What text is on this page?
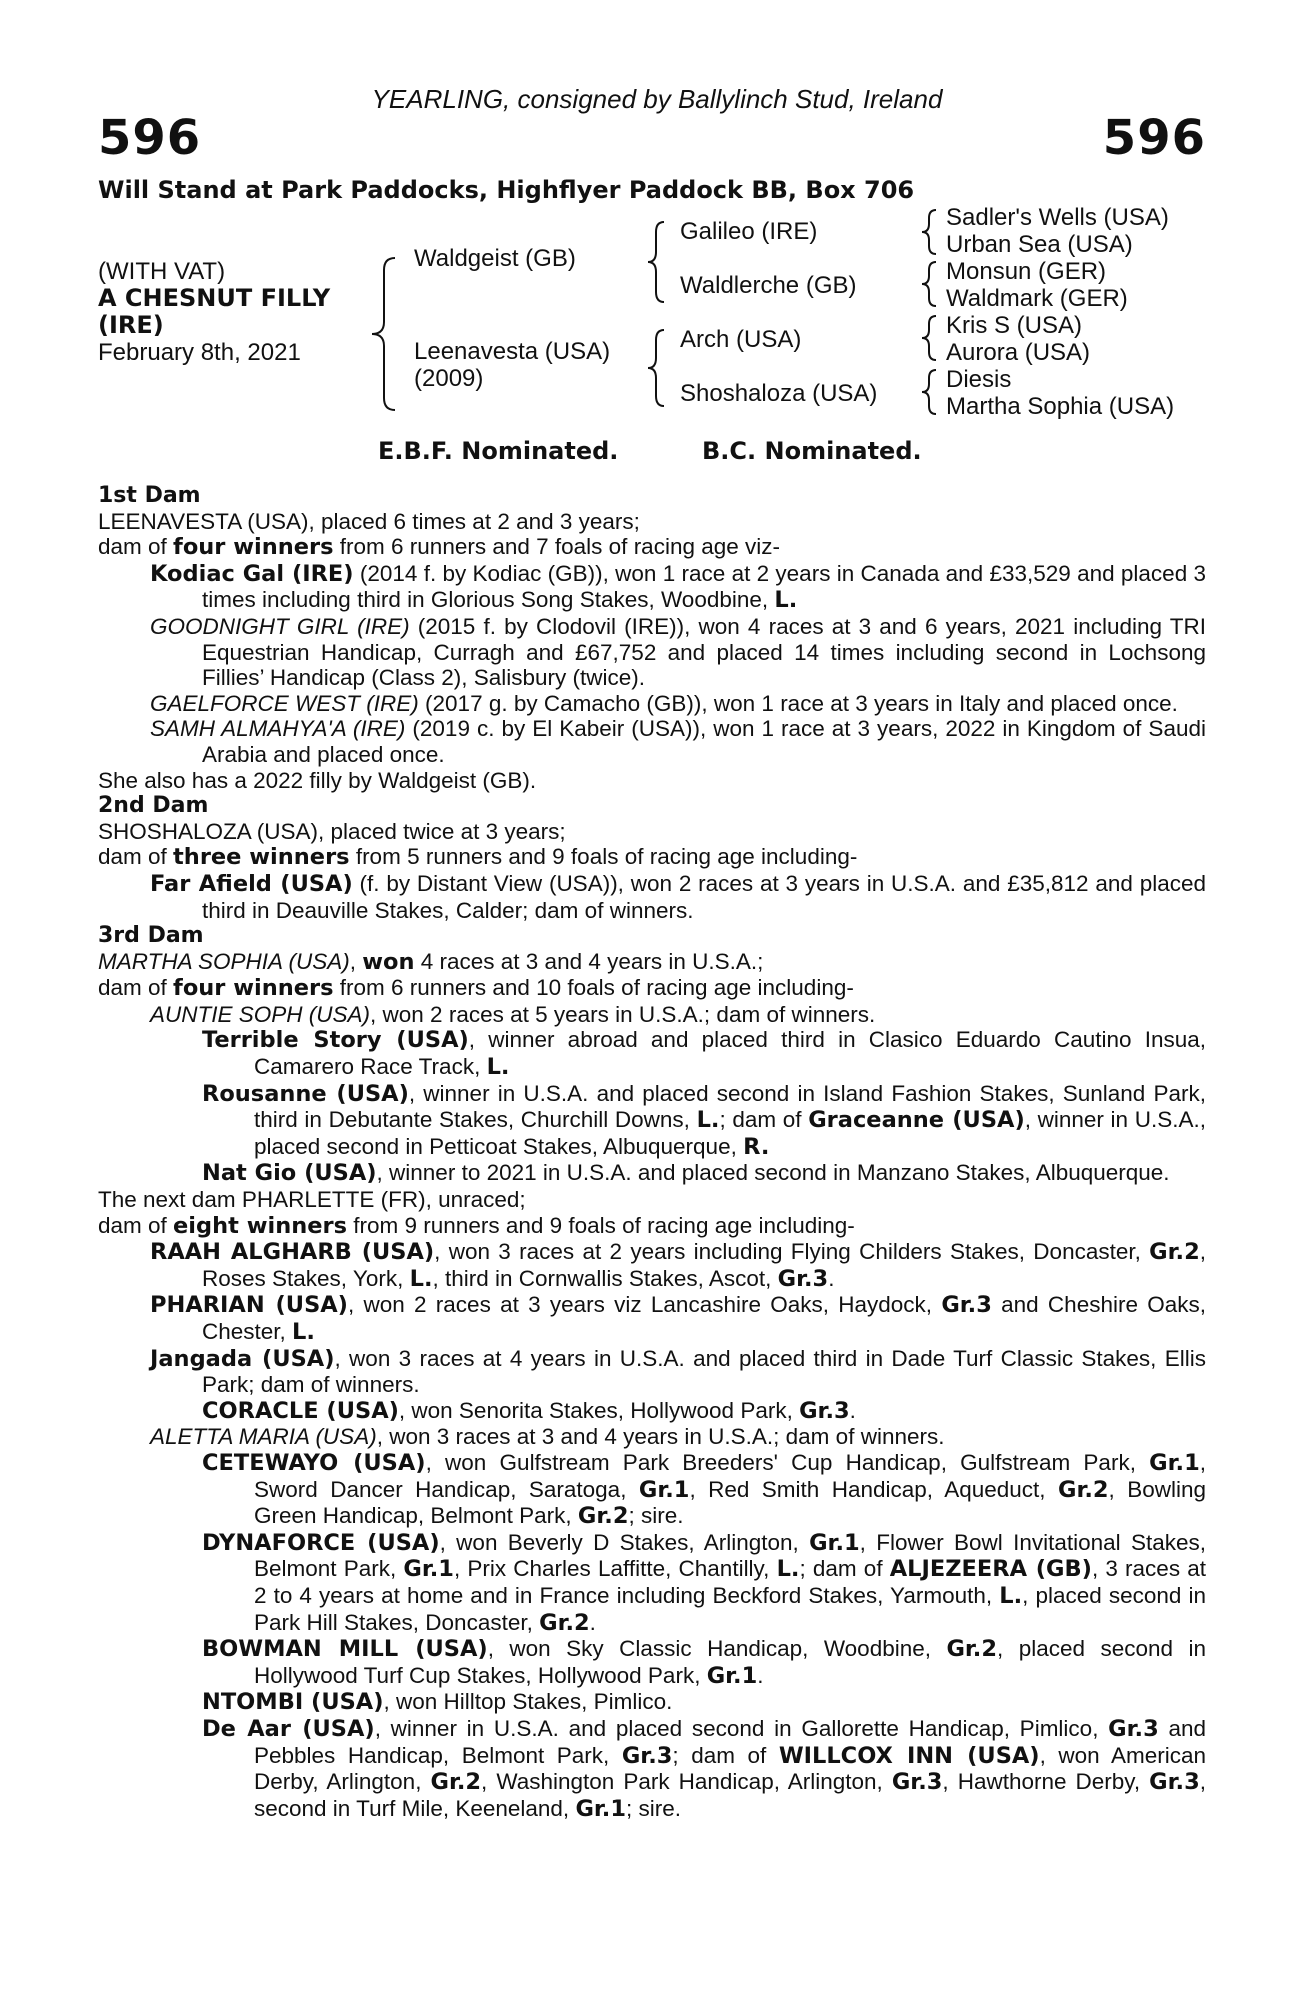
YEARLING, consigned by Ballylinch Stud, Ireland
596	596
Will Stand at Park Paddocks, Highflyer Paddock BB, Box 706
(WITH VAT)
A CHESNUT FILLY
(IRE)
February 8th, 2021
Waldgeist (GB)
Leenavesta (USA)
(2009)
Galileo (IRE)
Waldlerche (GB)
Arch (USA)
Shoshaloza (USA)
Sadler's Wells (USA)
Urban Sea (USA)
Monsun (GER)
Waldmark (GER)
Kris S (USA)
Aurora (USA)
Diesis
Martha Sophia (USA)
E.B.F. Nominated.	B.C. Nominated.

1st Dam

LEENAVESTA (USA), placed 6 times at 2 and 3 years;

dam of four winners from 6 runners and 7 foals of racing age viz-

Kodiac Gal (IRE) (2014 f. by Kodiac (GB)), won 1 race at 2 years in Canada and £33,529 and placed 3 times including third in Glorious Song Stakes, Woodbine, L.

GOODNIGHT GIRL (IRE) (2015 f. by Clodovil (IRE)), won 4 races at 3 and 6 years, 2021 including TRI Equestrian Handicap, Curragh and £67,752 and placed 14 times including second in Lochsong Fillies’ Handicap (Class 2), Salisbury (twice).

GAELFORCE WEST (IRE) (2017 g. by Camacho (GB)), won 1 race at 3 years in Italy and placed once.

SAMH ALMAHYA'A (IRE) (2019 c. by El Kabeir (USA)), won 1 race at 3 years, 2022 in Kingdom of Saudi Arabia and placed once.

She also has a 2022 filly by Waldgeist (GB).

2nd Dam

SHOSHALOZA (USA), placed twice at 3 years;

dam of three winners from 5 runners and 9 foals of racing age including-

Far Afield (USA) (f. by Distant View (USA)), won 2 races at 3 years in U.S.A. and £35,812 and placed third in Deauville Stakes, Calder; dam of winners.

3rd Dam

MARTHA SOPHIA (USA), won 4 races at 3 and 4 years in U.S.A.;

dam of four winners from 6 runners and 10 foals of racing age including-

AUNTIE SOPH (USA), won 2 races at 5 years in U.S.A.; dam of winners.

Terrible Story (USA), winner abroad and placed third in Clasico Eduardo Cautino Insua, Camarero Race Track, L.

Rousanne (USA), winner in U.S.A. and placed second in Island Fashion Stakes, Sunland Park, third in Debutante Stakes, Churchill Downs, L.; dam of Graceanne (USA), winner in U.S.A., placed second in Petticoat Stakes, Albuquerque, R.

Nat Gio (USA), winner to 2021 in U.S.A. and placed second in Manzano Stakes, Albuquerque.

The next dam PHARLETTE (FR), unraced;

dam of eight winners from 9 runners and 9 foals of racing age including-

RAAH ALGHARB (USA), won 3 races at 2 years including Flying Childers Stakes, Doncaster, Gr.2, Roses Stakes, York, L., third in Cornwallis Stakes, Ascot, Gr.3.

PHARIAN (USA), won 2 races at 3 years viz Lancashire Oaks, Haydock, Gr.3 and Cheshire Oaks, Chester, L.

Jangada (USA), won 3 races at 4 years in U.S.A. and placed third in Dade Turf Classic Stakes, Ellis Park; dam of winners.

CORACLE (USA), won Senorita Stakes, Hollywood Park, Gr.3.

ALETTA MARIA (USA), won 3 races at 3 and 4 years in U.S.A.; dam of winners.

CETEWAYO (USA), won Gulfstream Park Breeders' Cup Handicap, Gulfstream Park, Gr.1, Sword Dancer Handicap, Saratoga, Gr.1, Red Smith Handicap, Aqueduct, Gr.2, Bowling Green Handicap, Belmont Park, Gr.2; sire.

DYNAFORCE (USA), won Beverly D Stakes, Arlington, Gr.1, Flower Bowl Invitational Stakes, Belmont Park, Gr.1, Prix Charles Laffitte, Chantilly, L.; dam of ALJEZEERA (GB), 3 races at 2 to 4 years at home and in France including Beckford Stakes, Yarmouth, L., placed second in Park Hill Stakes, Doncaster, Gr.2.

BOWMAN MILL (USA), won Sky Classic Handicap, Woodbine, Gr.2, placed second in Hollywood Turf Cup Stakes, Hollywood Park, Gr.1.

NTOMBI (USA), won Hilltop Stakes, Pimlico.

De Aar (USA), winner in U.S.A. and placed second in Gallorette Handicap, Pimlico, Gr.3 and Pebbles Handicap, Belmont Park, Gr.3; dam of WILLCOX INN (USA), won American Derby, Arlington, Gr.2, Washington Park Handicap, Arlington, Gr.3, Hawthorne Derby, Gr.3, second in Turf Mile, Keeneland, Gr.1; sire.
